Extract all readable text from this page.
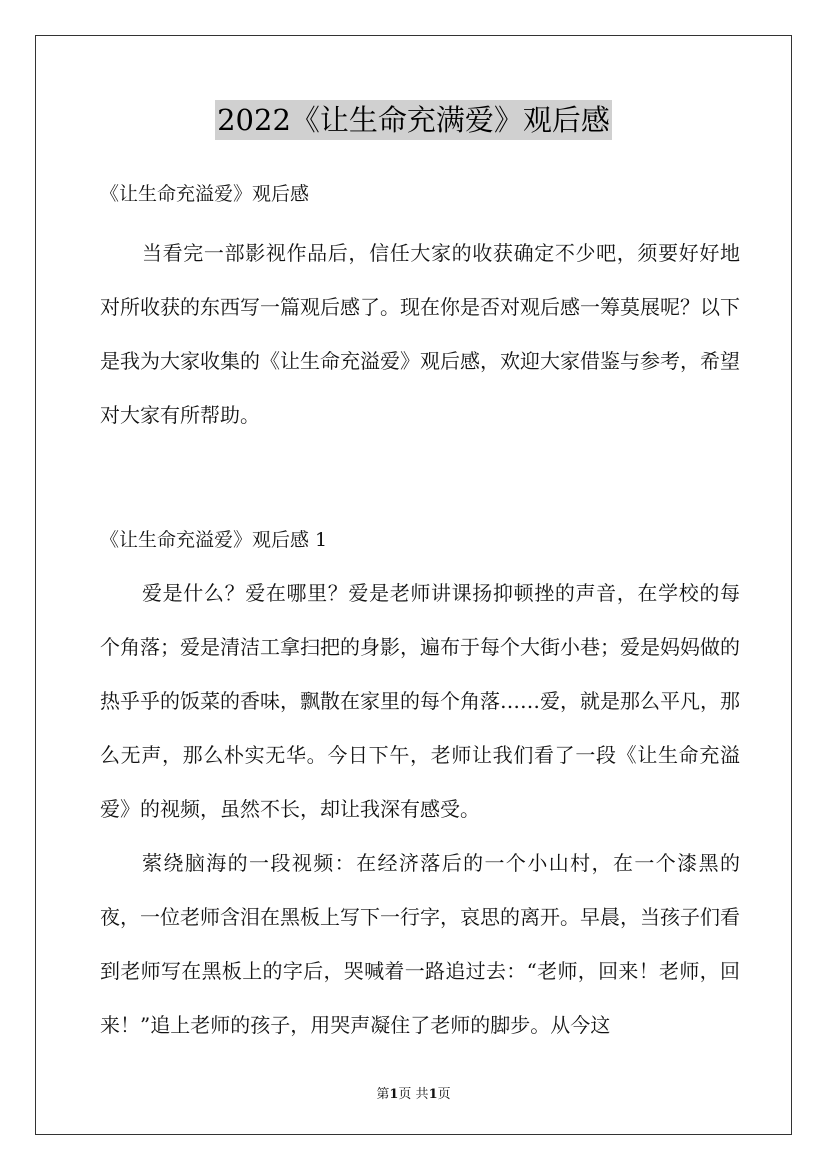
2022《让生命充满爱》观后感

《让生命充溢爱》观后感

当看完一部影视作品后，信任大家的收获确定不少吧，须要好好地对所收获的东西写一篇观后感了。现在你是否对观后感一筹莫展呢？以下是我为大家收集的《让生命充溢爱》观后感，欢迎大家借鉴与参考，希望对大家有所帮助。

《让生命充溢爱》观后感 1

爱是什么？爱在哪里？爱是老师讲课扬抑顿挫的声音，在学校的每个角落；爱是清洁工拿扫把的身影，遍布于每个大街小巷；爱是妈妈做的热乎乎的饭菜的香味，飘散在家里的每个角落……爱，就是那么平凡，那么无声，那么朴实无华。今日下午，老师让我们看了一段《让生命充溢爱》的视频，虽然不长，却让我深有感受。

萦绕脑海的一段视频：在经济落后的一个小山村，在一个漆黑的夜，一位老师含泪在黑板上写下一行字，哀思的离开。早晨，当孩子们看到老师写在黑板上的字后，哭喊着一路追过去：“老师，回来！老师，回来！”追上老师的孩子，用哭声凝住了老师的脚步。从今这

第1页 共1页
